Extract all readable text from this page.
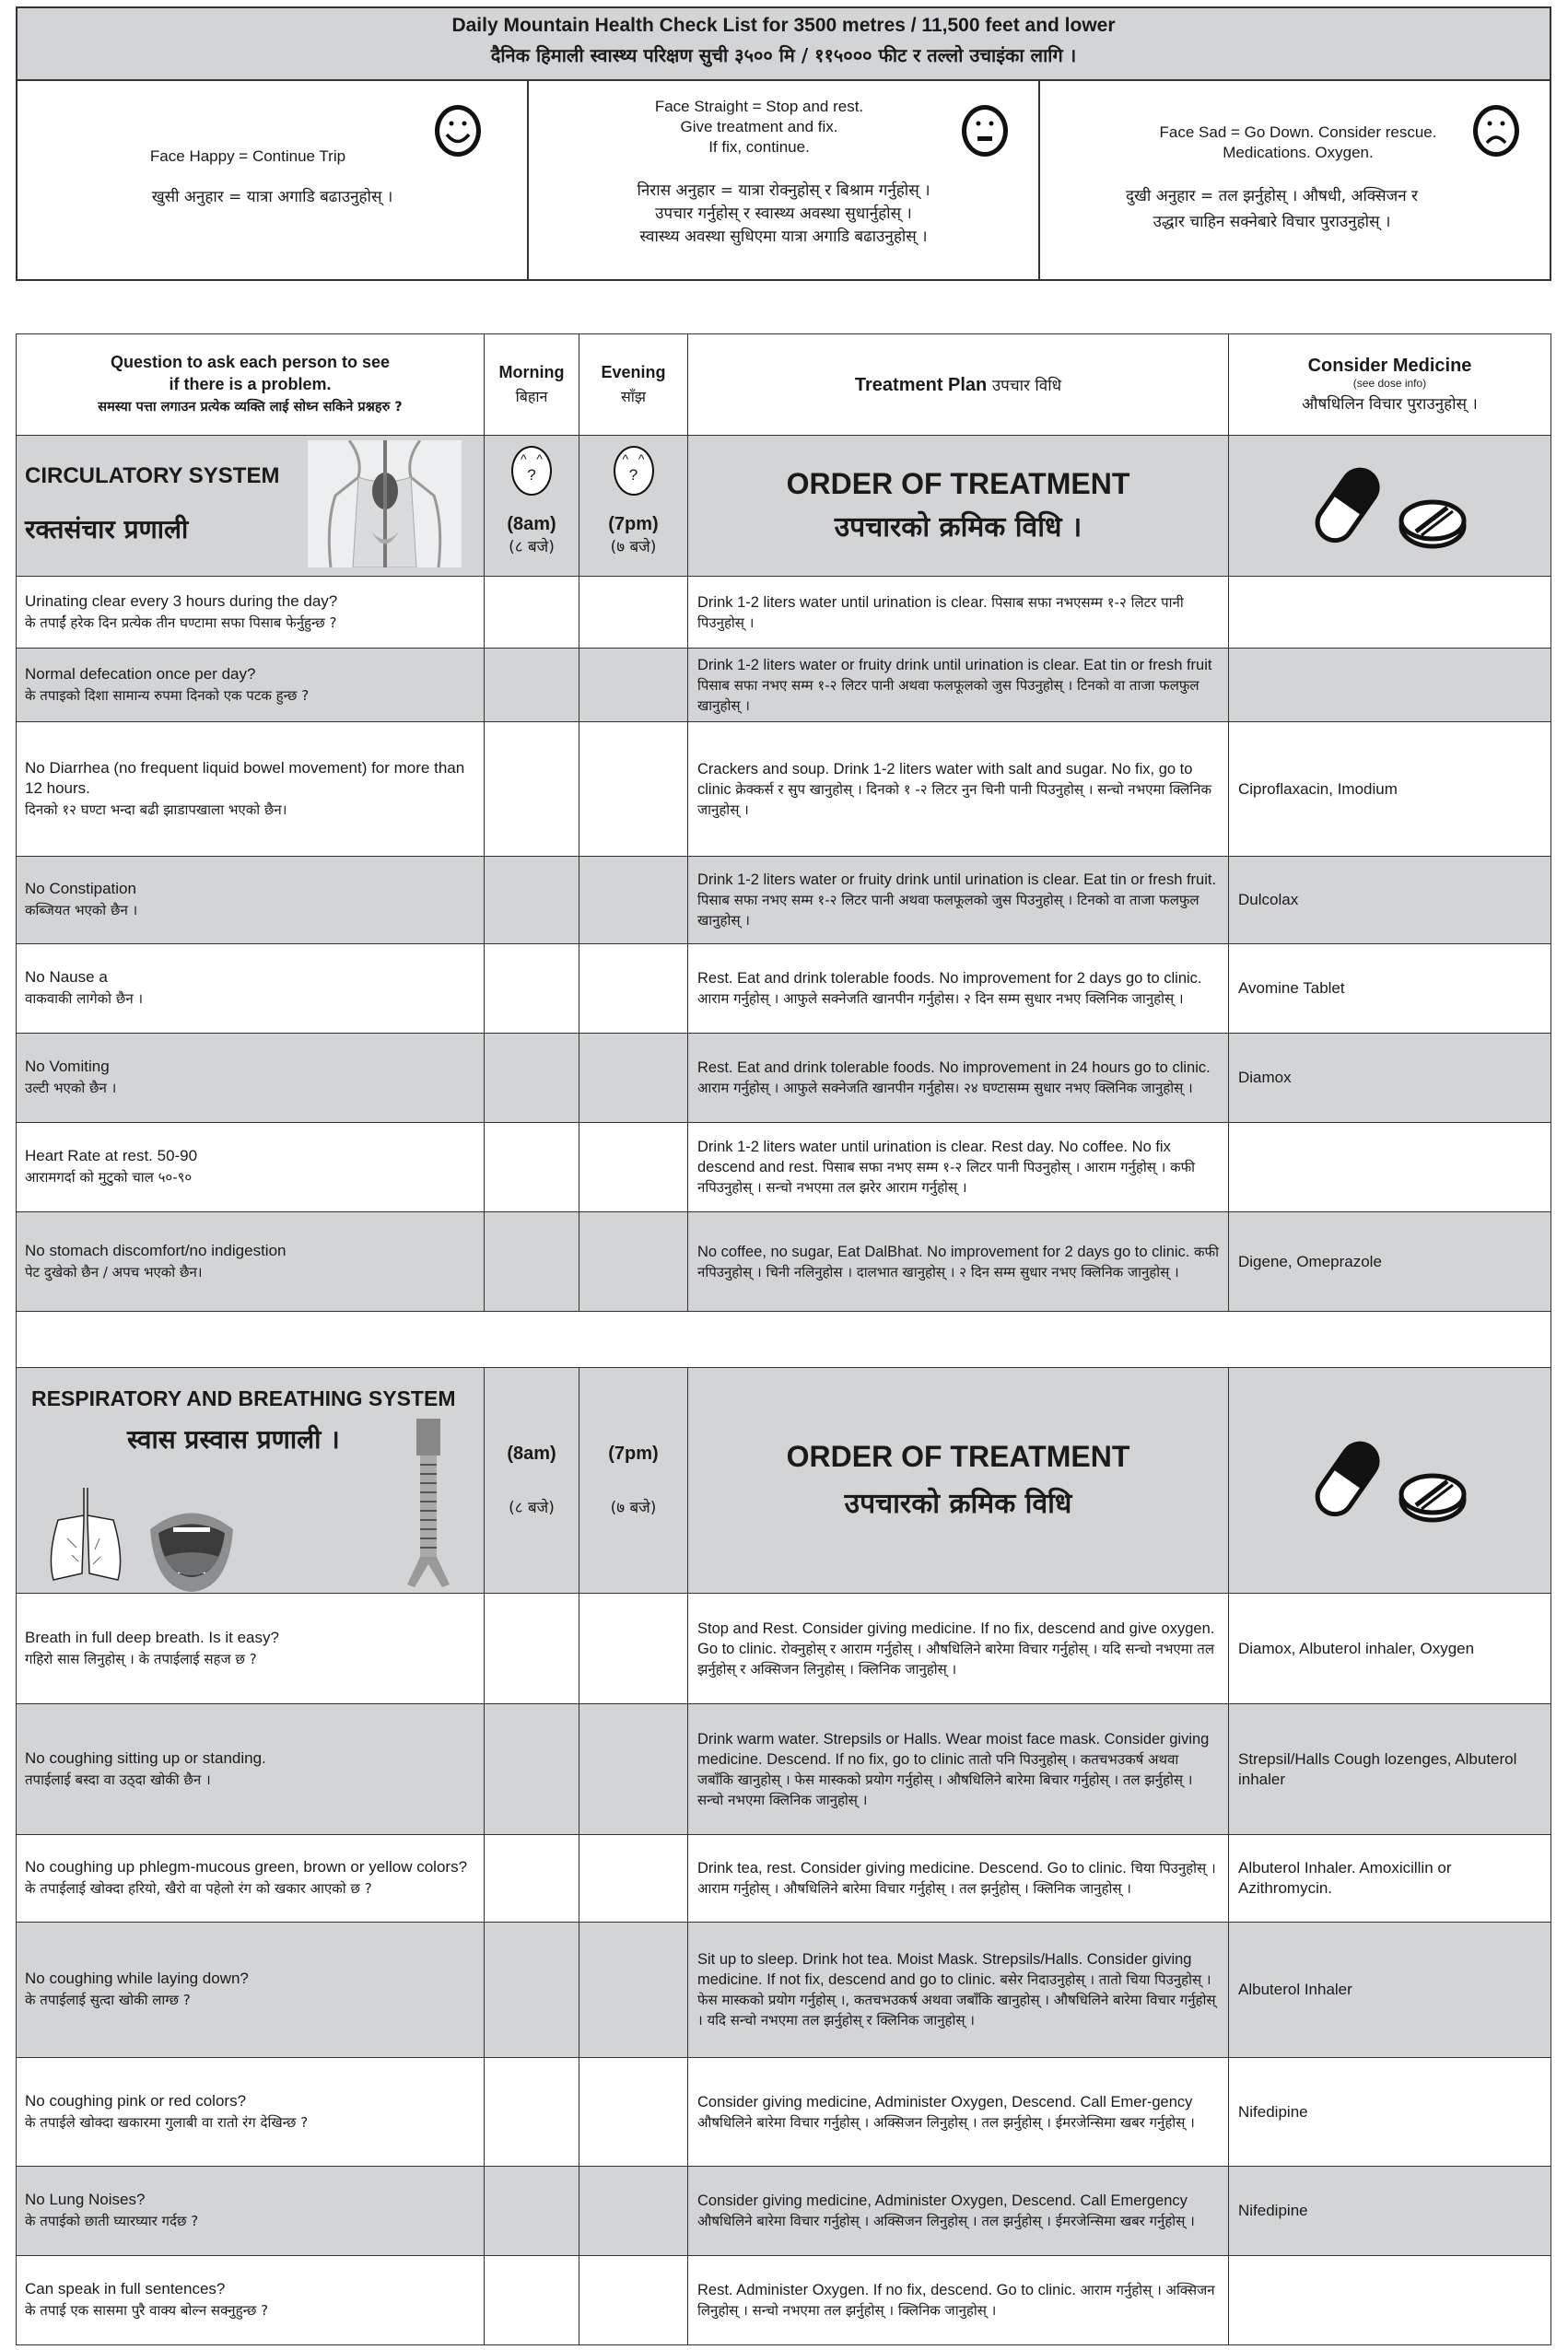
Daily Mountain Health Check List for 3500 metres / 11,500 feet and lower
दैनिक हिमाली स्वास्थ्य परिक्षण सुची ३५०० मि / ११५००० फीट र तल्लो उचाइंका लागि ।
Face Happy = Continue Trip
खुसी अनुहार = यात्रा अगाडि बढाउनुहोस् ।
Face Straight = Stop and rest.
Give treatment and fix.
If fix, continue.
निरास अनुहार = यात्रा रोक्नुहोस् र बिश्राम गर्नुहोस् ।
उपचार गर्नुहोस् र स्वास्थ्य अवस्था सुधार्नुहोस् ।
स्वास्थ्य अवस्था सुधिएमा यात्रा अगाडि बढाउनुहोस् ।
Face Sad = Go Down. Consider rescue.
Medications. Oxygen.
दुखी अनुहार = तल झर्नुहोस् । औषधी, अक्सिजन र
उद्धार चाहिन सक्नेबारे विचार पुराउनुहोस् ।
Question to ask each person to see
if there is a problem.
समस्या पत्ता लगाउन प्रत्येक व्यक्ति लाई सोध्न सकिने प्रश्नहरु ?
Morning
बिहान
Evening
साँझ
Treatment Plan उपचार विधि
Consider Medicine
(see dose info)
औषधिलिन विचार पुराउनुहोस् ।
CIRCULATORY SYSTEM
रक्तसंचार प्रणाली
^ ^
?
(8am)
(८ बजे)
^ ^
?
(7pm)
(७ बजे)
ORDER OF TREATMENT
उपचारको क्रमिक विधि ।
Urinating clear every 3 hours during the day?
के तपाईं हरेक दिन प्रत्येक तीन घण्टामा सफा पिसाब फेर्नुहुन्छ ?
Drink 1-2 liters water until urination is clear. पिसाब सफा नभएसम्म १-२ लिटर पानी पिउनुहोस् ।
Normal defecation once per day?
के तपाइको दिशा सामान्य रुपमा दिनको एक पटक हुन्छ ?
Drink 1-2 liters water or fruity drink until urination is clear. Eat tin or fresh fruit पिसाब सफा नभए सम्म १-२ लिटर पानी अथवा फलफूलको जुस पिउनुहोस् । टिनको वा ताजा फलफुल खानुहोस् ।
No Diarrhea (no frequent liquid bowel movement) for more than 12 hours.
दिनको १२ घण्टा भन्दा बढी झाडापखाला भएको छैन।
Crackers and soup. Drink 1-2 liters water with salt and sugar. No fix, go to clinic क्रेक्कर्स र सुप खानुहोस् । दिनको १ -२ लिटर नुन चिनी पानी पिउनुहोस् । सन्चो नभएमा क्लिनिक जानुहोस् ।
Ciproflaxacin, Imodium
No Constipation
कब्जियत भएको छैन ।
Drink 1-2 liters water or fruity drink until urination is clear. Eat tin or fresh fruit. पिसाब सफा नभए सम्म १-२ लिटर पानी अथवा फलफूलको जुस पिउनुहोस् । टिनको वा ताजा फलफुल खानुहोस् ।
Dulcolax
No Nause a
वाकवाकी लागेको छैन ।
Rest. Eat and drink tolerable foods. No improvement for 2 days go to clinic. आराम गर्नुहोस् । आफुले सक्नेजति खानपीन गर्नुहोस। २ दिन सम्म सुधार नभए क्लिनिक जानुहोस् ।
Avomine Tablet
No Vomiting
उल्टी भएको छैन ।
Rest. Eat and drink tolerable foods. No improvement in 24 hours go to clinic. आराम गर्नुहोस् । आफुले सक्नेजति खानपीन गर्नुहोस। २४ घण्टासम्म सुधार नभए क्लिनिक जानुहोस् ।
Diamox
Heart Rate at rest. 50-90
आरामगर्दा को मुटुको चाल ५०-९०
Drink 1-2 liters water until urination is clear. Rest day. No coffee. No fix descend and rest. पिसाब सफा नभए सम्म १-२ लिटर पानी पिउनुहोस् । आराम गर्नुहोस् । कफी नपिउनुहोस् । सन्चो नभएमा तल झरेर आराम गर्नुहोस् ।
No stomach discomfort/no indigestion
पेट दुखेको छैन / अपच भएको छैन।
No coffee, no sugar, Eat DalBhat. No improvement for 2 days go to clinic. कफी नपिउनुहोस् । चिनी नलिनुहोस । दालभात खानुहोस् । २ दिन सम्म सुधार नभए क्लिनिक जानुहोस् ।
Digene, Omeprazole
RESPIRATORY AND BREATHING SYSTEM
स्वास प्रस्वास प्रणाली ।	(8am)
(८ बजे)
(7pm)
(७ बजे)
ORDER OF TREATMENT
उपचारको क्रमिक विधि
Breath in full deep breath. Is it easy?
गहिरो सास लिनुहोस् । के तपाईलाई सहज छ ?
Stop and Rest. Consider giving medicine. If no fix, descend and give oxygen. Go to clinic. रोक्नुहोस् र आराम गर्नुहोस् । औषधिलिने बारेमा विचार गर्नुहोस् । यदि सन्चो नभएमा तल झर्नुहोस् र अक्सिजन लिनुहोस् । क्लिनिक जानुहोस् ।
Diamox, Albuterol inhaler, Oxygen
No coughing sitting up or standing.
तपाईलाई बस्दा वा उठ्दा खोकी छैन ।
Drink warm water. Strepsils or Halls. Wear moist face mask. Consider giving medicine. Descend. If no fix, go to clinic तातो पनि पिउनुहोस् । कतचभउकर्ष अथवा जबाँकि खानुहोस् । फेस मास्कको प्रयोग गर्नुहोस् । औषधिलिने बारेमा बिचार गर्नुहोस् । तल झर्नुहोस् । सन्चो नभएमा क्लिनिक जानुहोस् ।
Strepsil/Halls Cough lozenges, Albuterol inhaler
No coughing up phlegm-mucous green, brown or yellow colors?
के तपाईलाई खोक्दा हरियो, खैरो वा पहेलो रंग को खकार आएको छ ?
Drink tea, rest. Consider giving medicine. Descend. Go to clinic. चिया पिउनुहोस् । आराम गर्नुहोस् । औषधिलिने बारेमा विचार गर्नुहोस् । तल झर्नुहोस् । क्लिनिक जानुहोस् ।
Albuterol Inhaler. Amoxicillin or Azithromycin.
No coughing while laying down?
के तपाईलाई सुत्दा खोकी लाग्छ ?
Sit up to sleep. Drink hot tea. Moist Mask. Strepsils/Halls. Consider giving medicine. If not fix, descend and go to clinic. बसेर निदाउनुहोस् । तातो चिया पिउनुहोस् । फेस मास्कको प्रयोग गर्नुहोस् ।, कतचभउकर्ष अथवा जबाँकि खानुहोस् । औषधिलिने बारेमा विचार गर्नुहोस् । यदि सन्चो नभएमा तल झर्नुहोस् र क्लिनिक जानुहोस् ।
Albuterol Inhaler
No coughing pink or red colors?
के तपाईले खोक्दा खकारमा गुलाबी वा रातो रंग देखिन्छ ?
Consider giving medicine, Administer Oxygen, Descend. Call Emer-gency औषधिलिने बारेमा विचार गर्नुहोस् । अक्सिजन लिनुहोस् । तल झर्नुहोस् । ईमरजेन्सिमा खबर गर्नुहोस् ।
Nifedipine
No Lung Noises?
के तपाईको छाती घ्यारघ्यार गर्दछ ?
Consider giving medicine, Administer Oxygen, Descend. Call Emergency औषधिलिने बारेमा विचार गर्नुहोस् । अक्सिजन लिनुहोस् । तल झर्नुहोस् । ईमरजेन्सिमा खबर गर्नुहोस् ।
Nifedipine
Can speak in full sentences?
के तपाई एक सासमा पुरै वाक्य बोल्न सक्नुहुन्छ ?
Rest. Administer Oxygen. If no fix, descend. Go to clinic. आराम गर्नुहोस् । अक्सिजन लिनुहोस् । सन्चो नभएमा तल झर्नुहोस् । क्लिनिक जानुहोस् ।
